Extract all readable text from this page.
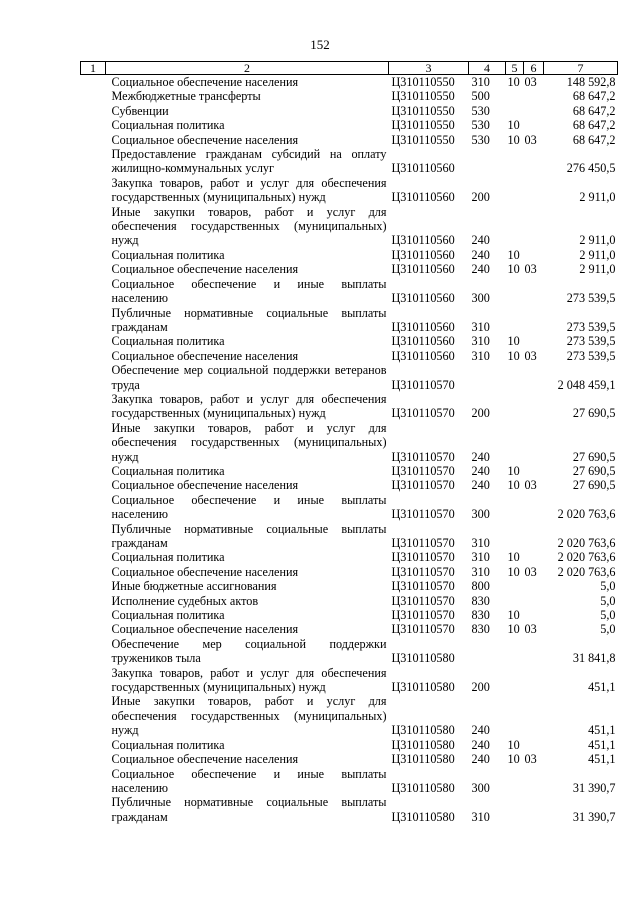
152
1	2	3	4	5	6	7
	Социальное обеспечение населения	Ц310110550	310	10	03	148 592,8
	Межбюджетные трансферты	Ц310110550	500			68 647,2
	Субвенции	Ц310110550	530			68 647,2
	Социальная политика	Ц310110550	530	10		68 647,2
	Социальное обеспечение населения	Ц310110550	530	10	03	68 647,2
	Предоставление гражданам субсидий на оплату жилищно-коммунальных услуг	Ц310110560				276 450,5
	Закупка товаров, работ и услуг для обеспечения государственных (муниципальных) нужд	Ц310110560	200			2 911,0
	Иные закупки товаров, работ и услуг для обеспечения государственных (муниципальных) нужд	Ц310110560	240			2 911,0
	Социальная политика	Ц310110560	240	10		2 911,0
	Социальное обеспечение населения	Ц310110560	240	10	03	2 911,0
	Социальное обеспечение и иные выплаты населению	Ц310110560	300			273 539,5
	Публичные нормативные социальные выплаты гражданам	Ц310110560	310			273 539,5
	Социальная политика	Ц310110560	310	10		273 539,5
	Социальное обеспечение населения	Ц310110560	310	10	03	273 539,5
	Обеспечение мер социальной поддержки ветеранов труда	Ц310110570				2 048 459,1
	Закупка товаров, работ и услуг для обеспечения государственных (муниципальных) нужд	Ц310110570	200			27 690,5
	Иные закупки товаров, работ и услуг для обеспечения государственных (муниципальных) нужд	Ц310110570	240			27 690,5
	Социальная политика	Ц310110570	240	10		27 690,5
	Социальное обеспечение населения	Ц310110570	240	10	03	27 690,5
	Социальное обеспечение и иные выплаты населению	Ц310110570	300			2 020 763,6
	Публичные нормативные социальные выплаты гражданам	Ц310110570	310			2 020 763,6
	Социальная политика	Ц310110570	310	10		2 020 763,6
	Социальное обеспечение населения	Ц310110570	310	10	03	2 020 763,6
	Иные бюджетные ассигнования	Ц310110570	800			5,0
	Исполнение судебных актов	Ц310110570	830			5,0
	Социальная политика	Ц310110570	830	10		5,0
	Социальное обеспечение населения	Ц310110570	830	10	03	5,0
	Обеспечение мер социальной поддержки тружеников тыла	Ц310110580				31 841,8
	Закупка товаров, работ и услуг для обеспечения государственных (муниципальных) нужд	Ц310110580	200			451,1
	Иные закупки товаров, работ и услуг для обеспечения государственных (муниципальных) нужд	Ц310110580	240			451,1
	Социальная политика	Ц310110580	240	10		451,1
	Социальное обеспечение населения	Ц310110580	240	10	03	451,1
	Социальное обеспечение и иные выплаты населению	Ц310110580	300			31 390,7
	Публичные нормативные социальные выплаты гражданам	Ц310110580	310			31 390,7
